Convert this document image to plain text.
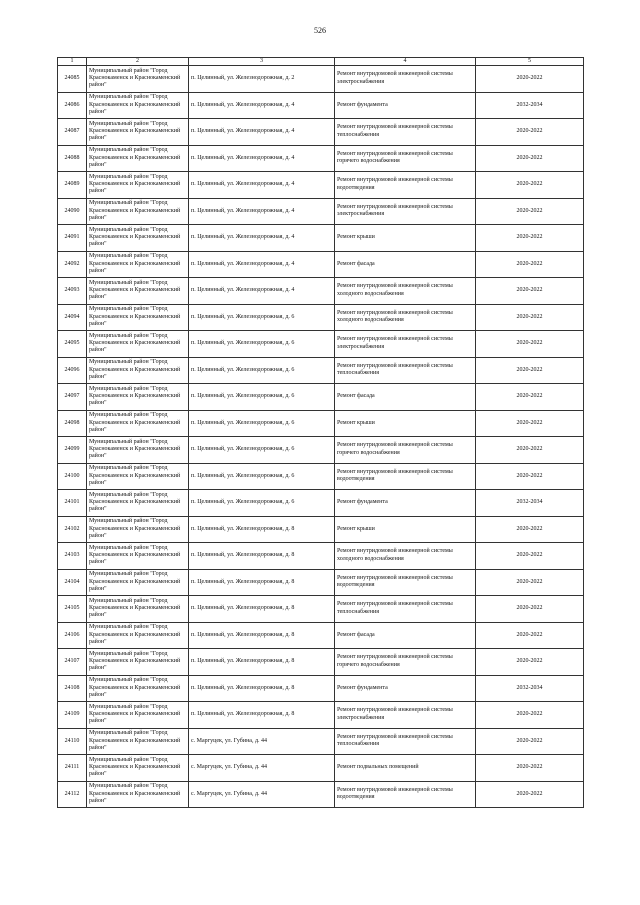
526
1	2	3	4	5
24085	Муниципальный район "Город Краснокаменск и Краснокаменский район"	п. Целинный, ул. Железнодорожная, д. 2	Ремонт внутридомовой инженерной системы электроснабжения	2020-2022
24086	Муниципальный район "Город Краснокаменск и Краснокаменский район"	п. Целинный, ул. Железнодорожная, д. 4	Ремонт фундамента	2032-2034
24087	Муниципальный район "Город Краснокаменск и Краснокаменский район"	п. Целинный, ул. Железнодорожная, д. 4	Ремонт внутридомовой инженерной системы теплоснабжения	2020-2022
24088	Муниципальный район "Город Краснокаменск и Краснокаменский район"	п. Целинный, ул. Железнодорожная, д. 4	Ремонт внутридомовой инженерной системы горячего водоснабжения	2020-2022
24089	Муниципальный район "Город Краснокаменск и Краснокаменский район"	п. Целинный, ул. Железнодорожная, д. 4	Ремонт внутридомовой инженерной системы водоотведения	2020-2022
24090	Муниципальный район "Город Краснокаменск и Краснокаменский район"	п. Целинный, ул. Железнодорожная, д. 4	Ремонт внутридомовой инженерной системы электроснабжения	2020-2022
24091	Муниципальный район "Город Краснокаменск и Краснокаменский район"	п. Целинный, ул. Железнодорожная, д. 4	Ремонт крыши	2020-2022
24092	Муниципальный район "Город Краснокаменск и Краснокаменский район"	п. Целинный, ул. Железнодорожная, д. 4	Ремонт фасада	2020-2022
24093	Муниципальный район "Город Краснокаменск и Краснокаменский район"	п. Целинный, ул. Железнодорожная, д. 4	Ремонт внутридомовой инженерной системы холодного водоснабжения	2020-2022
24094	Муниципальный район "Город Краснокаменск и Краснокаменский район"	п. Целинный, ул. Железнодорожная, д. 6	Ремонт внутридомовой инженерной системы холодного водоснабжения	2020-2022
24095	Муниципальный район "Город Краснокаменск и Краснокаменский район"	п. Целинный, ул. Железнодорожная, д. 6	Ремонт внутридомовой инженерной системы электроснабжения	2020-2022
24096	Муниципальный район "Город Краснокаменск и Краснокаменский район"	п. Целинный, ул. Железнодорожная, д. 6	Ремонт внутридомовой инженерной системы теплоснабжения	2020-2022
24097	Муниципальный район "Город Краснокаменск и Краснокаменский район"	п. Целинный, ул. Железнодорожная, д. 6	Ремонт фасада	2020-2022
24098	Муниципальный район "Город Краснокаменск и Краснокаменский район"	п. Целинный, ул. Железнодорожная, д. 6	Ремонт крыши	2020-2022
24099	Муниципальный район "Город Краснокаменск и Краснокаменский район"	п. Целинный, ул. Железнодорожная, д. 6	Ремонт внутридомовой инженерной системы горячего водоснабжения	2020-2022
24100	Муниципальный район "Город Краснокаменск и Краснокаменский район"	п. Целинный, ул. Железнодорожная, д. 6	Ремонт внутридомовой инженерной системы водоотведения	2020-2022
24101	Муниципальный район "Город Краснокаменск и Краснокаменский район"	п. Целинный, ул. Железнодорожная, д. 6	Ремонт фундамента	2032-2034
24102	Муниципальный район "Город Краснокаменск и Краснокаменский район"	п. Целинный, ул. Железнодорожная, д. 8	Ремонт крыши	2020-2022
24103	Муниципальный район "Город Краснокаменск и Краснокаменский район"	п. Целинный, ул. Железнодорожная, д. 8	Ремонт внутридомовой инженерной системы холодного водоснабжения	2020-2022
24104	Муниципальный район "Город Краснокаменск и Краснокаменский район"	п. Целинный, ул. Железнодорожная, д. 8	Ремонт внутридомовой инженерной системы водоотведения	2020-2022
24105	Муниципальный район "Город Краснокаменск и Краснокаменский район"	п. Целинный, ул. Железнодорожная, д. 8	Ремонт внутридомовой инженерной системы теплоснабжения	2020-2022
24106	Муниципальный район "Город Краснокаменск и Краснокаменский район"	п. Целинный, ул. Железнодорожная, д. 8	Ремонт фасада	2020-2022
24107	Муниципальный район "Город Краснокаменск и Краснокаменский район"	п. Целинный, ул. Железнодорожная, д. 8	Ремонт внутридомовой инженерной системы горячего водоснабжения	2020-2022
24108	Муниципальный район "Город Краснокаменск и Краснокаменский район"	п. Целинный, ул. Железнодорожная, д. 8	Ремонт фундамента	2032-2034
24109	Муниципальный район "Город Краснокаменск и Краснокаменский район"	п. Целинный, ул. Железнодорожная, д. 8	Ремонт внутридомовой инженерной системы электроснабжения	2020-2022
24110	Муниципальный район "Город Краснокаменск и Краснокаменский район"	с. Маргуцек, ул. Губина, д. 44	Ремонт внутридомовой инженерной системы теплоснабжения	2020-2022
24111	Муниципальный район "Город Краснокаменск и Краснокаменский район"	с. Маргуцек, ул. Губина, д. 44	Ремонт подвальных помещений	2020-2022
24112	Муниципальный район "Город Краснокаменск и Краснокаменский район"	с. Маргуцек, ул. Губина, д. 44	Ремонт внутридомовой инженерной системы водоотведения	2020-2022
